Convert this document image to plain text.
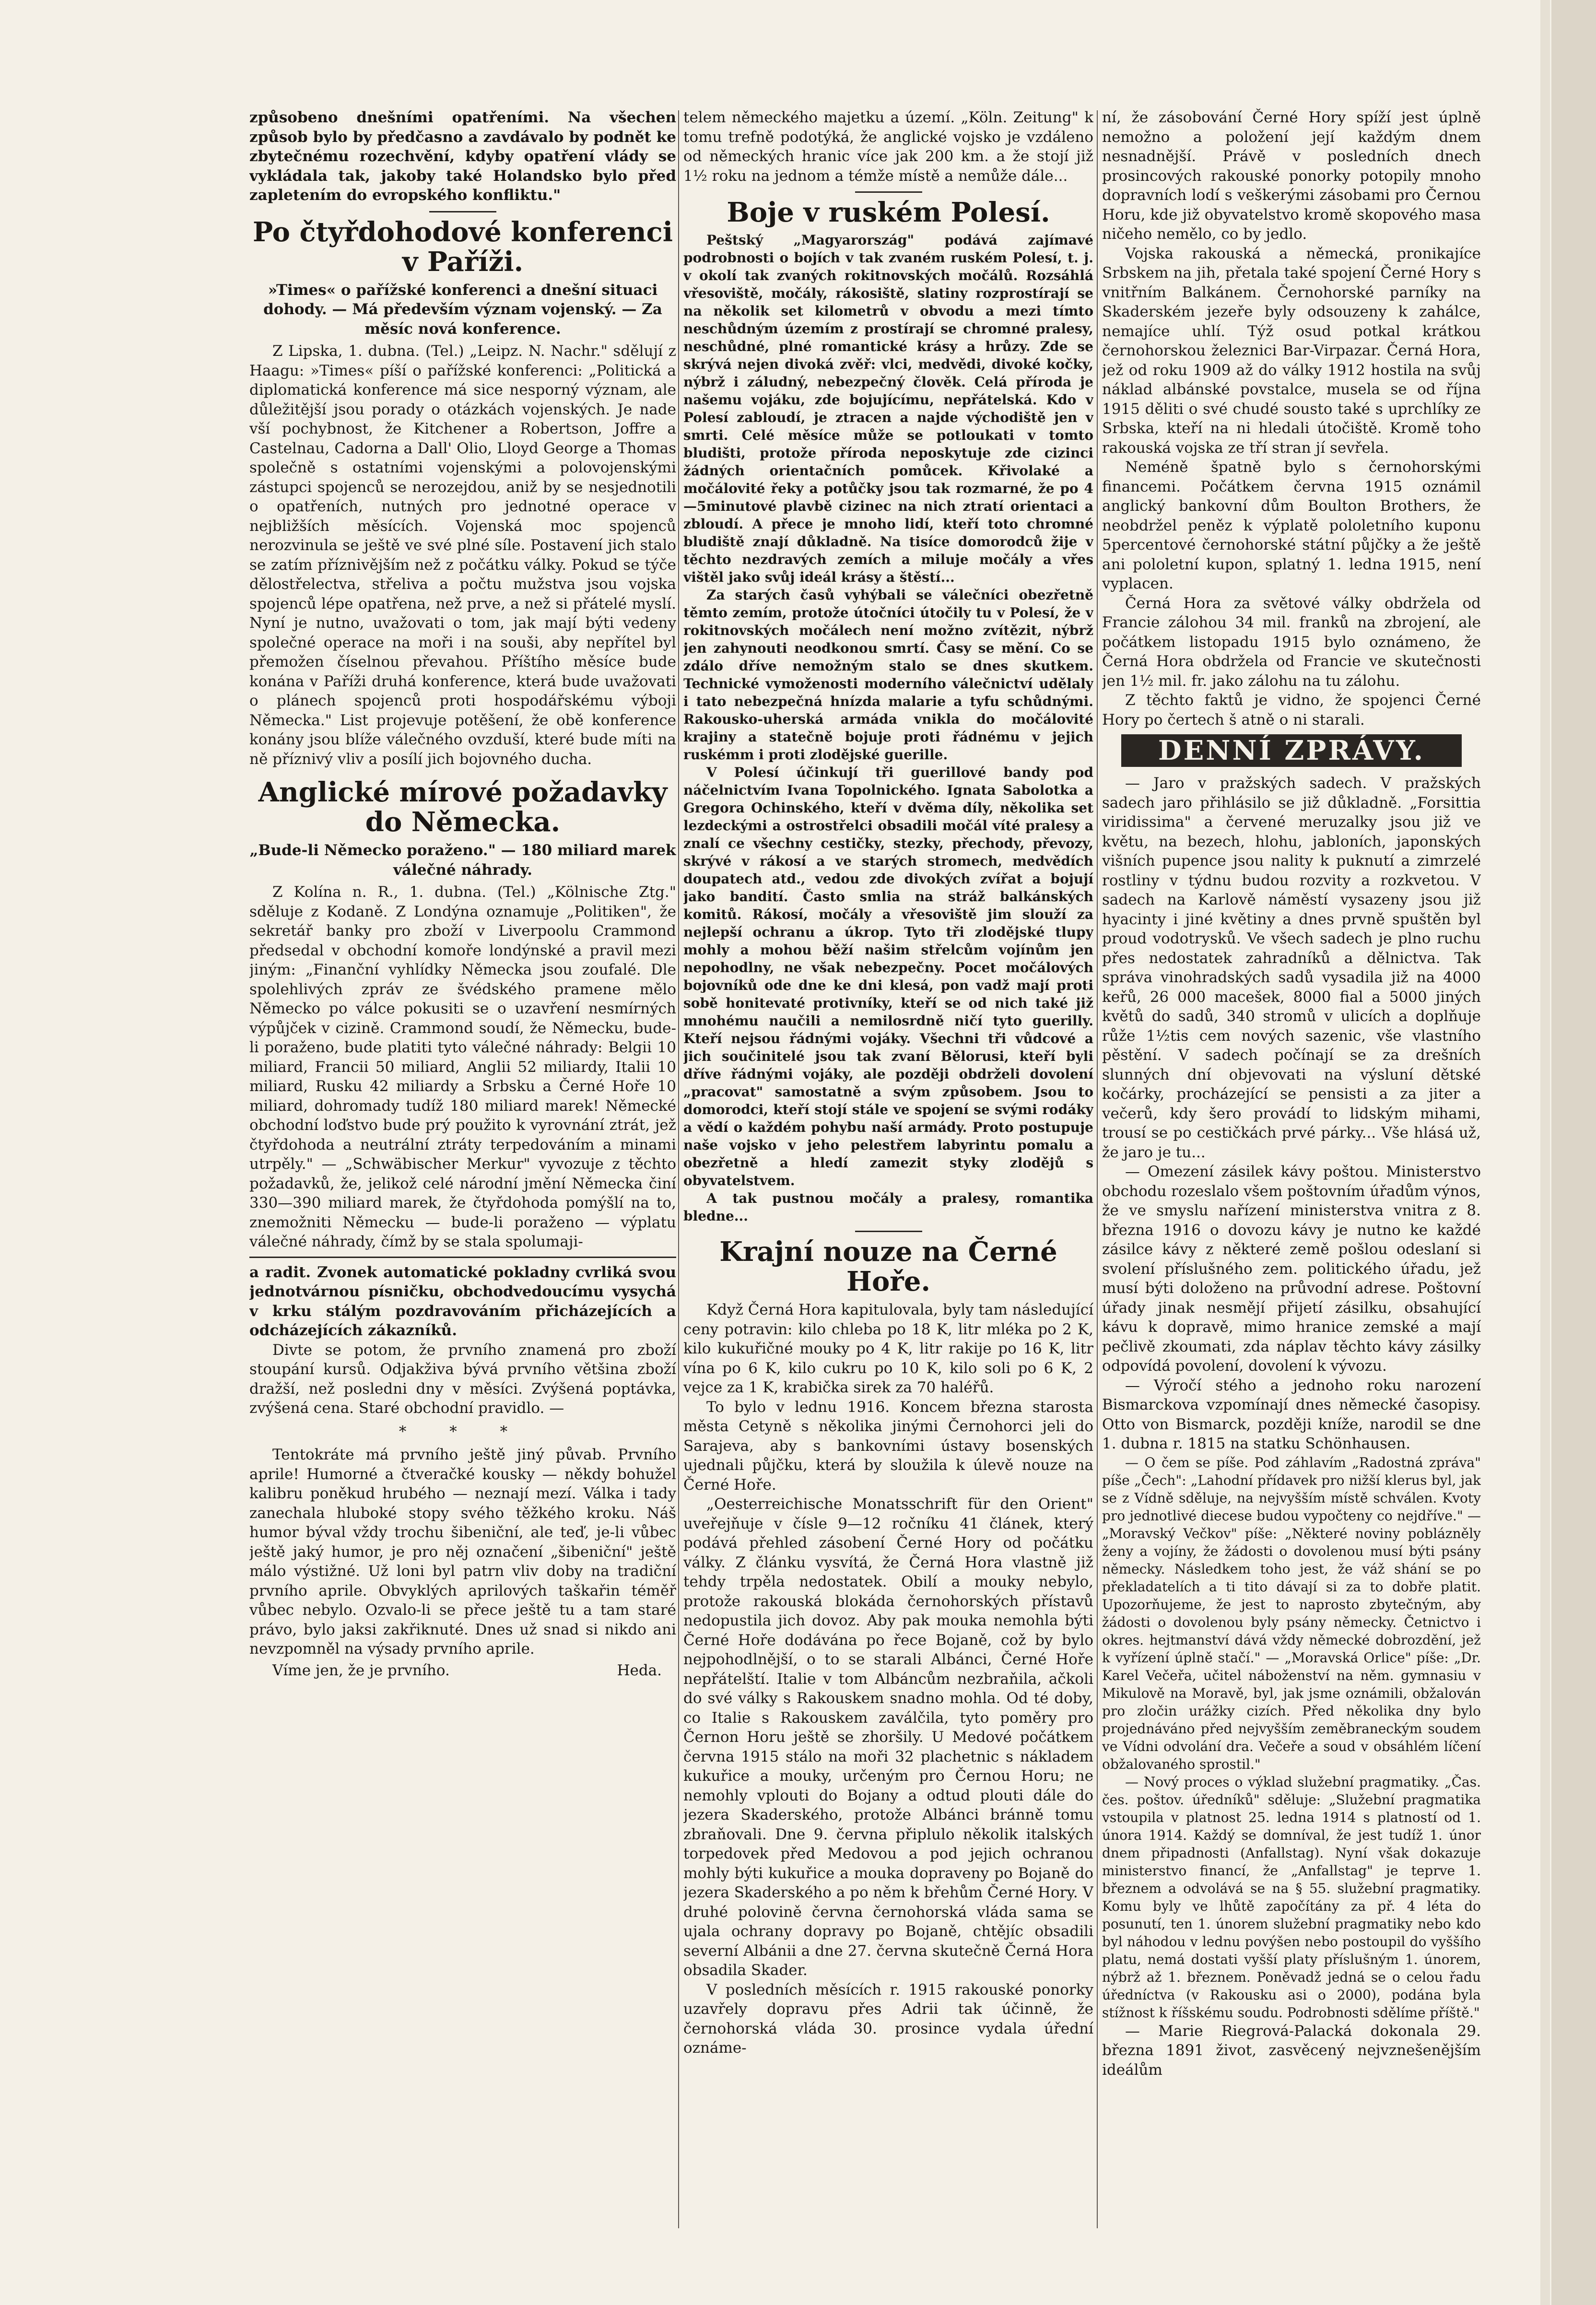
způsobeno dnešními opatřeními. Na všechen způsob bylo by předčasno a zavdávalo by podnět ke zbytečnému rozechvění, kdyby opatření vlády se vykládala tak, jakoby také Holandsko bylo před zapletením do evropského konfliktu."

Po čtyřdohodové konferenci v Paříži.

»Times« o pařížské konferenci a dnešní situaci dohody. — Má především význam vojenský. — Za měsíc nová konference.

Z Lipska, 1. dubna. (Tel.) „Leipz. N. Nachr." sdělují z Haagu: »Times« píší o pařížské konferenci: „Politická a diplomatická konference má sice nesporný význam, ale důležitější jsou porady o otázkách vojenských. Je nade vší pochybnost, že Kitchener a Robertson, Joffre a Castelnau, Cadorna a Dall' Olio, Lloyd George a Thomas společně s ostatními vojenskými a polovojenskými zástupci spojenců se nerozejdou, aniž by se nesjednotili o opatřeních, nutných pro jednotné operace v nejbližších měsících. Vojenská moc spojenců nerozvinula se ještě ve své plné síle. Postavení jich stalo se zatím příznivějším než z počátku války. Pokud se týče dělostřelectva, střeliva a počtu mužstva jsou vojska spojenců lépe opatřena, než prve, a než si přátelé myslí. Nyní je nutno, uvažovati o tom, jak mají býti vedeny společné operace na moři i na souši, aby nepřítel byl přemožen číselnou převahou. Příštího měsíce bude konána v Paříži druhá konference, která bude uvažovati o plánech spojenců proti hospodářskému výboji Německa." List projevuje potěšení, že obě konference konány jsou blíže válečného ovzduší, které bude míti na ně příznivý vliv a posílí jich bojovného ducha.

Anglické mírové požadavky do Německa.

„Bude-li Německo poraženo." — 180 miliard marek válečné náhrady.

Z Kolína n. R., 1. dubna. (Tel.) „Kölnische Ztg." sděluje z Kodaně. Z Londýna oznamuje „Politiken", že sekretář banky pro zboží v Liverpoolu Crammond předsedal v obchodní komoře londýnské a pravil mezi jiným: „Finanční vyhlídky Německa jsou zoufalé. Dle spolehlivých zpráv ze švédského pramene mělo Německo po válce pokusiti se o uzavření nesmírných výpůjček v cizině. Crammond soudí, že Německu, bude-li poraženo, bude platiti tyto válečné náhrady: Belgii 10 miliard, Francii 50 miliard, Anglii 52 miliardy, Italii 10 miliard, Rusku 42 miliardy a Srbsku a Černé Hoře 10 miliard, dohromady tudíž 180 miliard marek! Německé obchodní loďstvo bude prý použito k vyrovnání ztrát, jež čtyřdohoda a neutrální ztráty terpedováním a minami utrpěly." — „Schwäbischer Merkur" vyvozuje z těchto požadavků, že, jelikož celé národní jmění Německa činí 330—390 miliard marek, že čtyřdohoda pomýšlí na to, znemožniti Německu — bude-li poraženo — výplatu válečné náhrady, čímž by se stala spolumaji-

a radit. Zvonek automatické pokladny cvrliká svou jednotvárnou písničku, obchodvedoucímu vysychá v krku stálým pozdravováním přicházejících a odcházejících zákazníků.

Divte se potom, že prvního znamená pro zboží stoupání kursů. Odjakživa bývá prvního většina zboží dražší, než posledni dny v měsíci. Zvýšená poptávka, zvýšená cena. Staré obchodní pravidlo. —

* * *

Tentokráte má prvního ještě jiný půvab. Prvního aprile! Humorné a čtveračké kousky — někdy bohužel kalibru poněkud hrubého — neznají mezí. Válka i tady zanechala hluboké stopy svého těžkého kroku. Náš humor býval vždy trochu šibeniční, ale teď, je-li vůbec ještě jaký humor, je pro něj označení „šibeniční" ještě málo výstižné. Už loni byl patrn vliv doby na tradiční prvního aprile. Obvyklých aprilových taškařin téměř vůbec nebylo. Ozvalo-li se přece ještě tu a tam staré právo, bylo jaksi zakřiknuté. Dnes už snad si nikdo ani nevzpomněl na výsady prvního aprile.

Víme jen, že je prvního.	Heda.

telem německého majetku a území. „Köln. Zeitung" k tomu trefně podotýká, že anglické vojsko je vzdáleno od německých hranic více jak 200 km. a že stojí již 1½ roku na jednom a témže místě a nemůže dále...

Boje v ruském Polesí.

Peštský „Magyarország" podává zajímavé podrobnosti o bojích v tak zvaném ruském Polesí, t. j. v okolí tak zvaných rokitnovských močálů. Rozsáhlá vřesoviště, močály, rákosiště, slatiny rozprostírají se na několik set kilometrů v obvodu a mezi tímto neschůdným územím z prostírají se chromné pralesy, neschůdné, plné romantické krásy a hrůzy. Zde se skrývá nejen divoká zvěř: vlci, medvědi, divoké kočky, nýbrž i záludný, nebezpečný člověk. Celá příroda je našemu vojáku, zde bojujícímu, nepřátelská. Kdo v Polesí zabloudí, je ztracen a najde východiště jen v smrti. Celé měsíce může se potloukati v tomto bludišti, protože příroda neposkytuje zde cizinci žádných orientačních pomůcek. Křivolaké a močálovité řeky a potůčky jsou tak rozmarné, že po 4—5minutové plavbě cizinec na nich ztratí orientaci a zbloudí. A přece je mnoho lidí, kteří toto chromné bludiště znají důkladně. Na tisíce domorodců žije v těchto nezdravých zemích a miluje močály a vřes vištěl jako svůj ideál krásy a štěstí...

Za starých časů vyhýbali se válečníci obezřetně těmto zemím, protože útočníci útočily tu v Polesí, že v rokitnovských močálech není možno zvítězit, nýbrž jen zahynouti neodkonou smrtí. Časy se mění. Co se zdálo dříve nemožným stalo se dnes skutkem. Technické vymoženosti moderního válečnictví udělaly i tato nebezpečná hnízda malarie a tyfu schůdnými. Rakousko-uherská armáda vnikla do močálovité krajiny a statečně bojuje proti řádnému v jejich ruskémm i proti zlodějské guerille.

V Polesí účinkují tři guerillové bandy pod náčelnictvím Ivana Topolnického. Ignata Sabolotka a Gregora Ochinského, kteří v dvěma díly, několika set lezdeckými a ostrostřelci obsadili močál víté pralesy a znalí ce všechny cestičky, stezky, přechody, převozy, skrývé v rákosí a ve starých stromech, medvědích doupatech atd., vedou zde divokých zvířat a bojují jako bandití. Často smlia na stráž balkánských komitů. Rákosí, močály a vřesoviště jim slouží za nejlepší ochranu a úkrop. Tyto tři zlodějské tlupy mohly a mohou běží našim střelcům vojínům jen nepohodlny, ne však nebezpečny. Pocet močálových bojovníků ode dne ke dni klesá, pon vadž mají proti sobě honitevaté protivníky, kteří se od nich také již mnohému naučili a nemilosrdně ničí tyto guerilly. Kteří nejsou řádnými vojáky. Všechni tři vůdcové a jich součinitelé jsou tak zvaní Bělorusi, kteří byli dříve řádnými vojáky, ale později obdrželi dovolení „pracovat" samostatně a svým způsobem. Jsou to domorodci, kteří stojí stále ve spojení se svými rodáky a vědí o každém pohybu naší armády. Proto postupuje naše vojsko v jeho pelestřem labyrintu pomalu a obezřetně a hledí zamezit styky zlodějů s obyvatelstvem.

A tak pustnou močály a pralesy, romantika bledne...

Krajní nouze na Černé Hoře.

Když Černá Hora kapitulovala, byly tam následující ceny potravin: kilo chleba po 18 K, litr mléka po 2 K, kilo kukuřičné mouky po 4 K, litr rakije po 16 K, litr vína po 6 K, kilo cukru po 10 K, kilo soli po 6 K, 2 vejce za 1 K, krabička sirek za 70 haléřů.

To bylo v lednu 1916. Koncem března starosta města Cetyně s několika jinými Černohorci jeli do Sarajeva, aby s bankovními ústavy bosenských ujednali půjčku, která by sloužila k úlevě nouze na Černé Hoře.

„Oesterreichische Monatsschrift für den Orient" uveřejňuje v čísle 9—12 ročníku 41 článek, který podává přehled zásobení Černé Hory od počátku války. Z článku vysvítá, že Černá Hora vlastně již tehdy trpěla nedostatek. Obilí a mouky nebylo, protože rakouská blokáda černohorských přístavů nedopustila jich dovoz. Aby pak mouka nemohla býti Černé Hoře dodávána po řece Bojaně, což by bylo nejpohodlnější, o to se starali Albánci, Černé Hoře nepřátelští. Italie v tom Albáncům nezbraňila, ačkoli do své války s Rakouskem snadno mohla. Od té doby, co Italie s Rakouskem zaválčila, tyto poměry pro Černon Horu ještě se zhoršily. U Medové počátkem června 1915 stálo na moři 32 plachetnic s nákladem kukuřice a mouky, určeným pro Černou Horu; ne nemohly vplouti do Bojany a odtud plouti dále do jezera Skaderského, protože Albánci bránně tomu zbraňovali. Dne 9. června připlulo několik italských torpedovek před Medovou a pod jejich ochranou mohly býti kukuřice a mouka dopraveny po Bojaně do jezera Skaderského a po něm k břehům Černé Hory. V druhé polovině června černohorská vláda sama se ujala ochrany dopravy po Bojaně, chtějíc obsadili severní Albánii a dne 27. června skutečně Černá Hora obsadila Skader.

V posledních měsících r. 1915 rakouské ponorky uzavřely dopravu přes Adrii tak účinně, že černohorská vláda 30. prosince vydala úřední oznáme-

ní, že zásobování Černé Hory spíží jest úplně nemožno a položení její každým dnem nesnadnější. Právě v posledních dnech prosincových rakouské ponorky potopily mnoho dopravních lodí s veškerými zásobami pro Černou Horu, kde již obyvatelstvo kromě skopového masa ničeho nemělo, co by jedlo.

Vojska rakouská a německá, pronikajíce Srbskem na jih, přetala také spojení Černé Hory s vnitřním Balkánem. Černohorské parníky na Skaderském jezeře byly odsouzeny k zahálce, nemajíce uhlí. Týž osud potkal krátkou černohorskou železnici Bar-Virpazar. Černá Hora, jež od roku 1909 až do války 1912 hostila na svůj náklad albánské povstalce, musela se od října 1915 děliti o své chudé sousto také s uprchlíky ze Srbska, kteří na ni hledali útočiště. Kromě toho rakouská vojska ze tří stran jí sevřela.

Neméně špatně bylo s černohorskými financemi. Počátkem června 1915 oznámil anglický bankovní dům Boulton Brothers, že neobdržel peněz k výplatě pololetního kuponu 5percentové černohorské státní půjčky a že ještě ani pololetní kupon, splatný 1. ledna 1915, není vyplacen.

Černá Hora za světové války obdržela od Francie zálohou 34 mil. franků na zbrojení, ale počátkem listopadu 1915 bylo oznámeno, že Černá Hora obdržela od Francie ve skutečnosti jen 1½ mil. fr. jako zálohu na tu zálohu.

Z těchto faktů je vidno, že spojenci Černé Hory po čertech š atně o ni starali.

DENNÍ ZPRÁVY.

— Jaro v pražských sadech. V pražských sadech jaro přihlásilo se již důkladně. „Forsittia viridissima" a červené meruzalky jsou již ve květu, na bezech, hlohu, jabloních, japonských višních pupence jsou nality k puknutí a zimrzelé rostliny v týdnu budou rozvity a rozkvetou. V sadech na Karlově náměstí vysazeny jsou již hyacinty i jiné květiny a dnes prvně spuštěn byl proud vodotrysků. Ve všech sadech je plno ruchu přes nedostatek zahradníků a dělnictva. Tak správa vinohradských sadů vysadila již na 4000 keřů, 26 000 macešek, 8000 fial a 5000 jiných květů do sadů, 340 stromů v ulicích a doplňuje růže 1½tis cem nových sazenic, vše vlastního pěstění. V sadech počínají se za drešních slunných dní objevovati na výsluní dětské kočárky, procházející se pensisti a za jiter a večerů, kdy šero provádí to lidským mihami, trousí se po cestičkách prvé párky... Vše hlásá už, že jaro je tu...

— Omezení zásilek kávy poštou. Ministerstvo obchodu rozeslalo všem poštovním úřadům výnos, že ve smyslu nařízení ministerstva vnitra z 8. března 1916 o dovozu kávy je nutno ke každé zásilce kávy z některé země pošlou odeslaní si svolení příslušného zem. politického úřadu, jež musí býti doloženo na průvodní adrese. Poštovní úřady jinak nesmějí přijetí zásilku, obsahující kávu k dopravě, mimo hranice zemské a mají pečlivě zkoumati, zda náplav těchto kávy zásilky odpovídá povolení, dovolení k vývozu.

— Výročí stého a jednoho roku narození Bismarckova vzpomínají dnes německé časopisy. Otto von Bismarck, později kníže, narodil se dne 1. dubna r. 1815 na statku Schönhausen.

— O čem se píše. Pod záhlavím „Radostná zpráva" píše „Čech": „Lahodní přídavek pro nižší klerus byl, jak se z Vídně sděluje, na nejvyšším místě schválen. Kvoty pro jednotlivé diecese budou vypočteny co nejdříve." — „Moravský Večkov" píše: „Některé noviny poblázněly ženy a vojíny, že žádosti o dovolenou musí býti psány německy. Následkem toho jest, že váž shání se po překladatelích a ti tito dávají si za to dobře platit. Upozorňujeme, že jest to naprosto zbytečným, aby žádosti o dovolenou byly psány německy. Četnictvo i okres. hejtmanství dává vždy německé dobrozdění, jež k vyřízení úplně stačí." — „Moravská Orlice" píše: „Dr. Karel Večeřa, učitel náboženství na něm. gymnasiu v Mikulově na Moravě, byl, jak jsme oznámili, obžalován pro zločin urážky cizích. Před několika dny bylo projednáváno před nejvyšším zeměbraneckým soudem ve Vídni odvolání dra. Večeře a soud v obsáhlém líčení obžalovaného sprostil."

— Nový proces o výklad služební pragmatiky. „Čas. čes. poštov. úředníků" sděluje: „Služební pragmatika vstoupila v platnost 25. ledna 1914 s platností od 1. února 1914. Každý se domníval, že jest tudíž 1. únor dnem připadnosti (Anfallstag). Nyní však dokazuje ministerstvo financí, že „Anfallstag" je teprve 1. březnem a odvolává se na § 55. služební pragmatiky. Komu byly ve lhůtě započítány za př. 4 léta do posunutí, ten 1. únorem služební pragmatiky nebo kdo byl náhodou v lednu povýšen nebo postoupil do vyššího platu, nemá dostati vyšší platy příslušným 1. únorem, nýbrž až 1. březnem. Poněvadž jedná se o celou řadu úředníctva (v Rakousku asi o 2000), podána byla stížnost k říšskému soudu. Podrobnosti sdělíme příště."

— Marie Riegrová-Palacká dokonala 29. března 1891 život, zasvěcený nejvznešenějším ideálům
